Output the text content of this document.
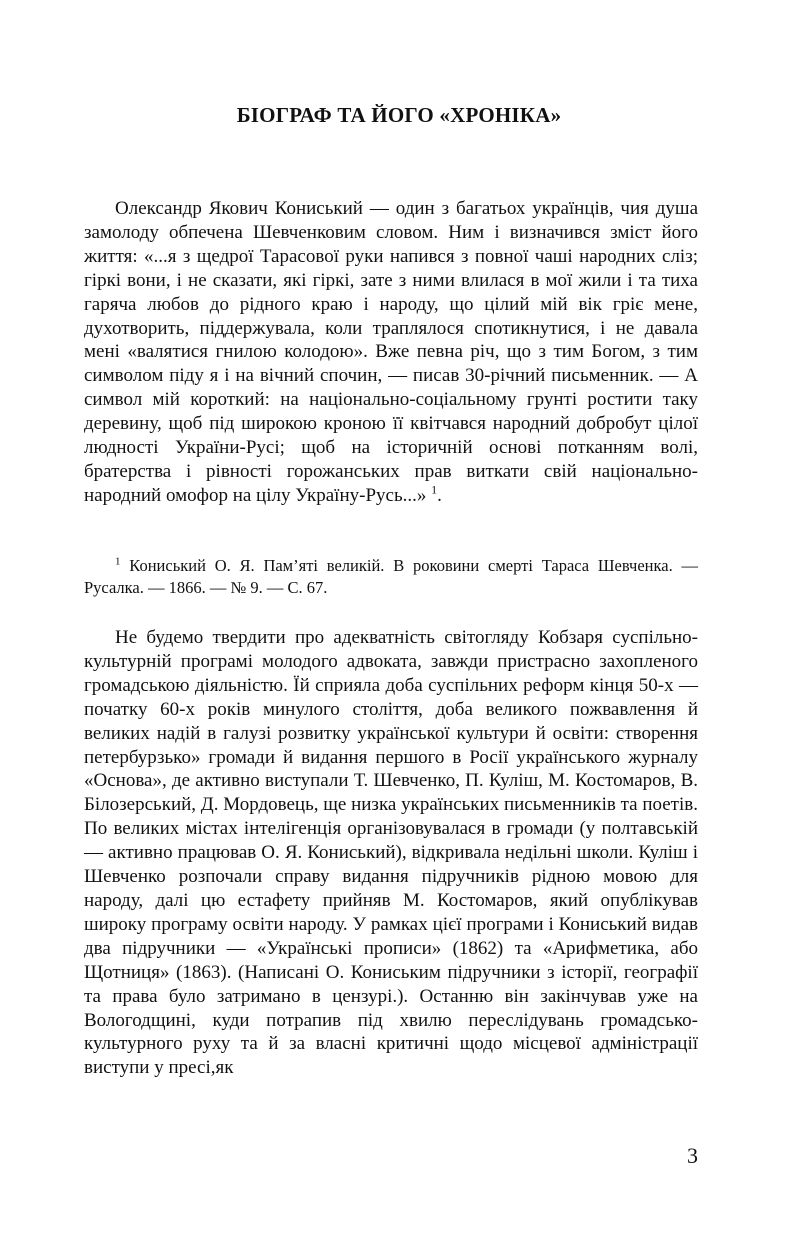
БІОГРАФ ТА ЙОГО «ХРОНІКА»

Олександр Якович Кониський — один з багатьох українців, чия душа замолоду обпечена Шевченковим словом. Ним і визначився зміст його життя: «...я з щедрої Тарасової руки напився з повної чаші народних сліз; гіркі вони, і не сказати, які гіркі, зате з ними влилася в мої жили і та тиха гаряча любов до рідного краю і народу, що цілий мій вік гріє мене, духотворить, піддержувала, коли траплялося спотикнутися, і не давала мені «валятися гнилою колодою». Вже певна річ, що з тим Богом, з тим символом піду я і на вічний спочин, — писав 30-річний письменник. — А символ мій короткий: на національно-соціальному грунті ростити таку деревину, щоб під широкою кроною її квітчався народний добробут цілої людності України-Русі; щоб на історичній основі потканням волі, братерства і рівності горожанських прав виткати свій національно-народний омофор на цілу Україну-Русь...» $^1$.

$^1$ Кониський О. Я. Пам’яті великій. В роковини смерті Тараса Шевченка. — Русалка. — 1866. — № 9. — С. 67.

Не будемо твердити про адекватність світогляду Кобзаря суспільно-культурній програмі молодого адвоката, завжди пристрасно захопленого громадською діяльністю. Їй сприяла доба суспільних реформ кінця 50-х — початку 60-х років минулого століття, доба великого пожвавлення й великих надій в галузі розвитку української культури й освіти: створення петербурзько» громади й видання першого в Росії українського журналу «Основа», де активно виступали Т. Шевченко, П. Куліш, М. Костомаров, В. Білозерський, Д. Мордовець, ще низка українських письменників та поетів. По великих містах інтелігенція організовувалася в громади (у полтавській — активно працював О. Я. Кониський), відкривала недільні школи. Куліш і Шевченко розпочали справу видання підручників рідною мовою для народу, далі цю естафету прийняв М. Костомаров, який опублікував широку програму освіти народу. У рамках цієї програми і Кониський видав два підручники — «Українські прописи» (1862) та «Арифметика, або Щотниця» (1863). (Написані О. Кониським підручники з історії, географії та права було затримано в цензурі.). Останню він закінчував уже на Вологодщині, куди потрапив під хвилю переслідувань громадсько-культурного руху та й за власні критичні щодо місцевої адміністрації виступи у пресі,як

3
